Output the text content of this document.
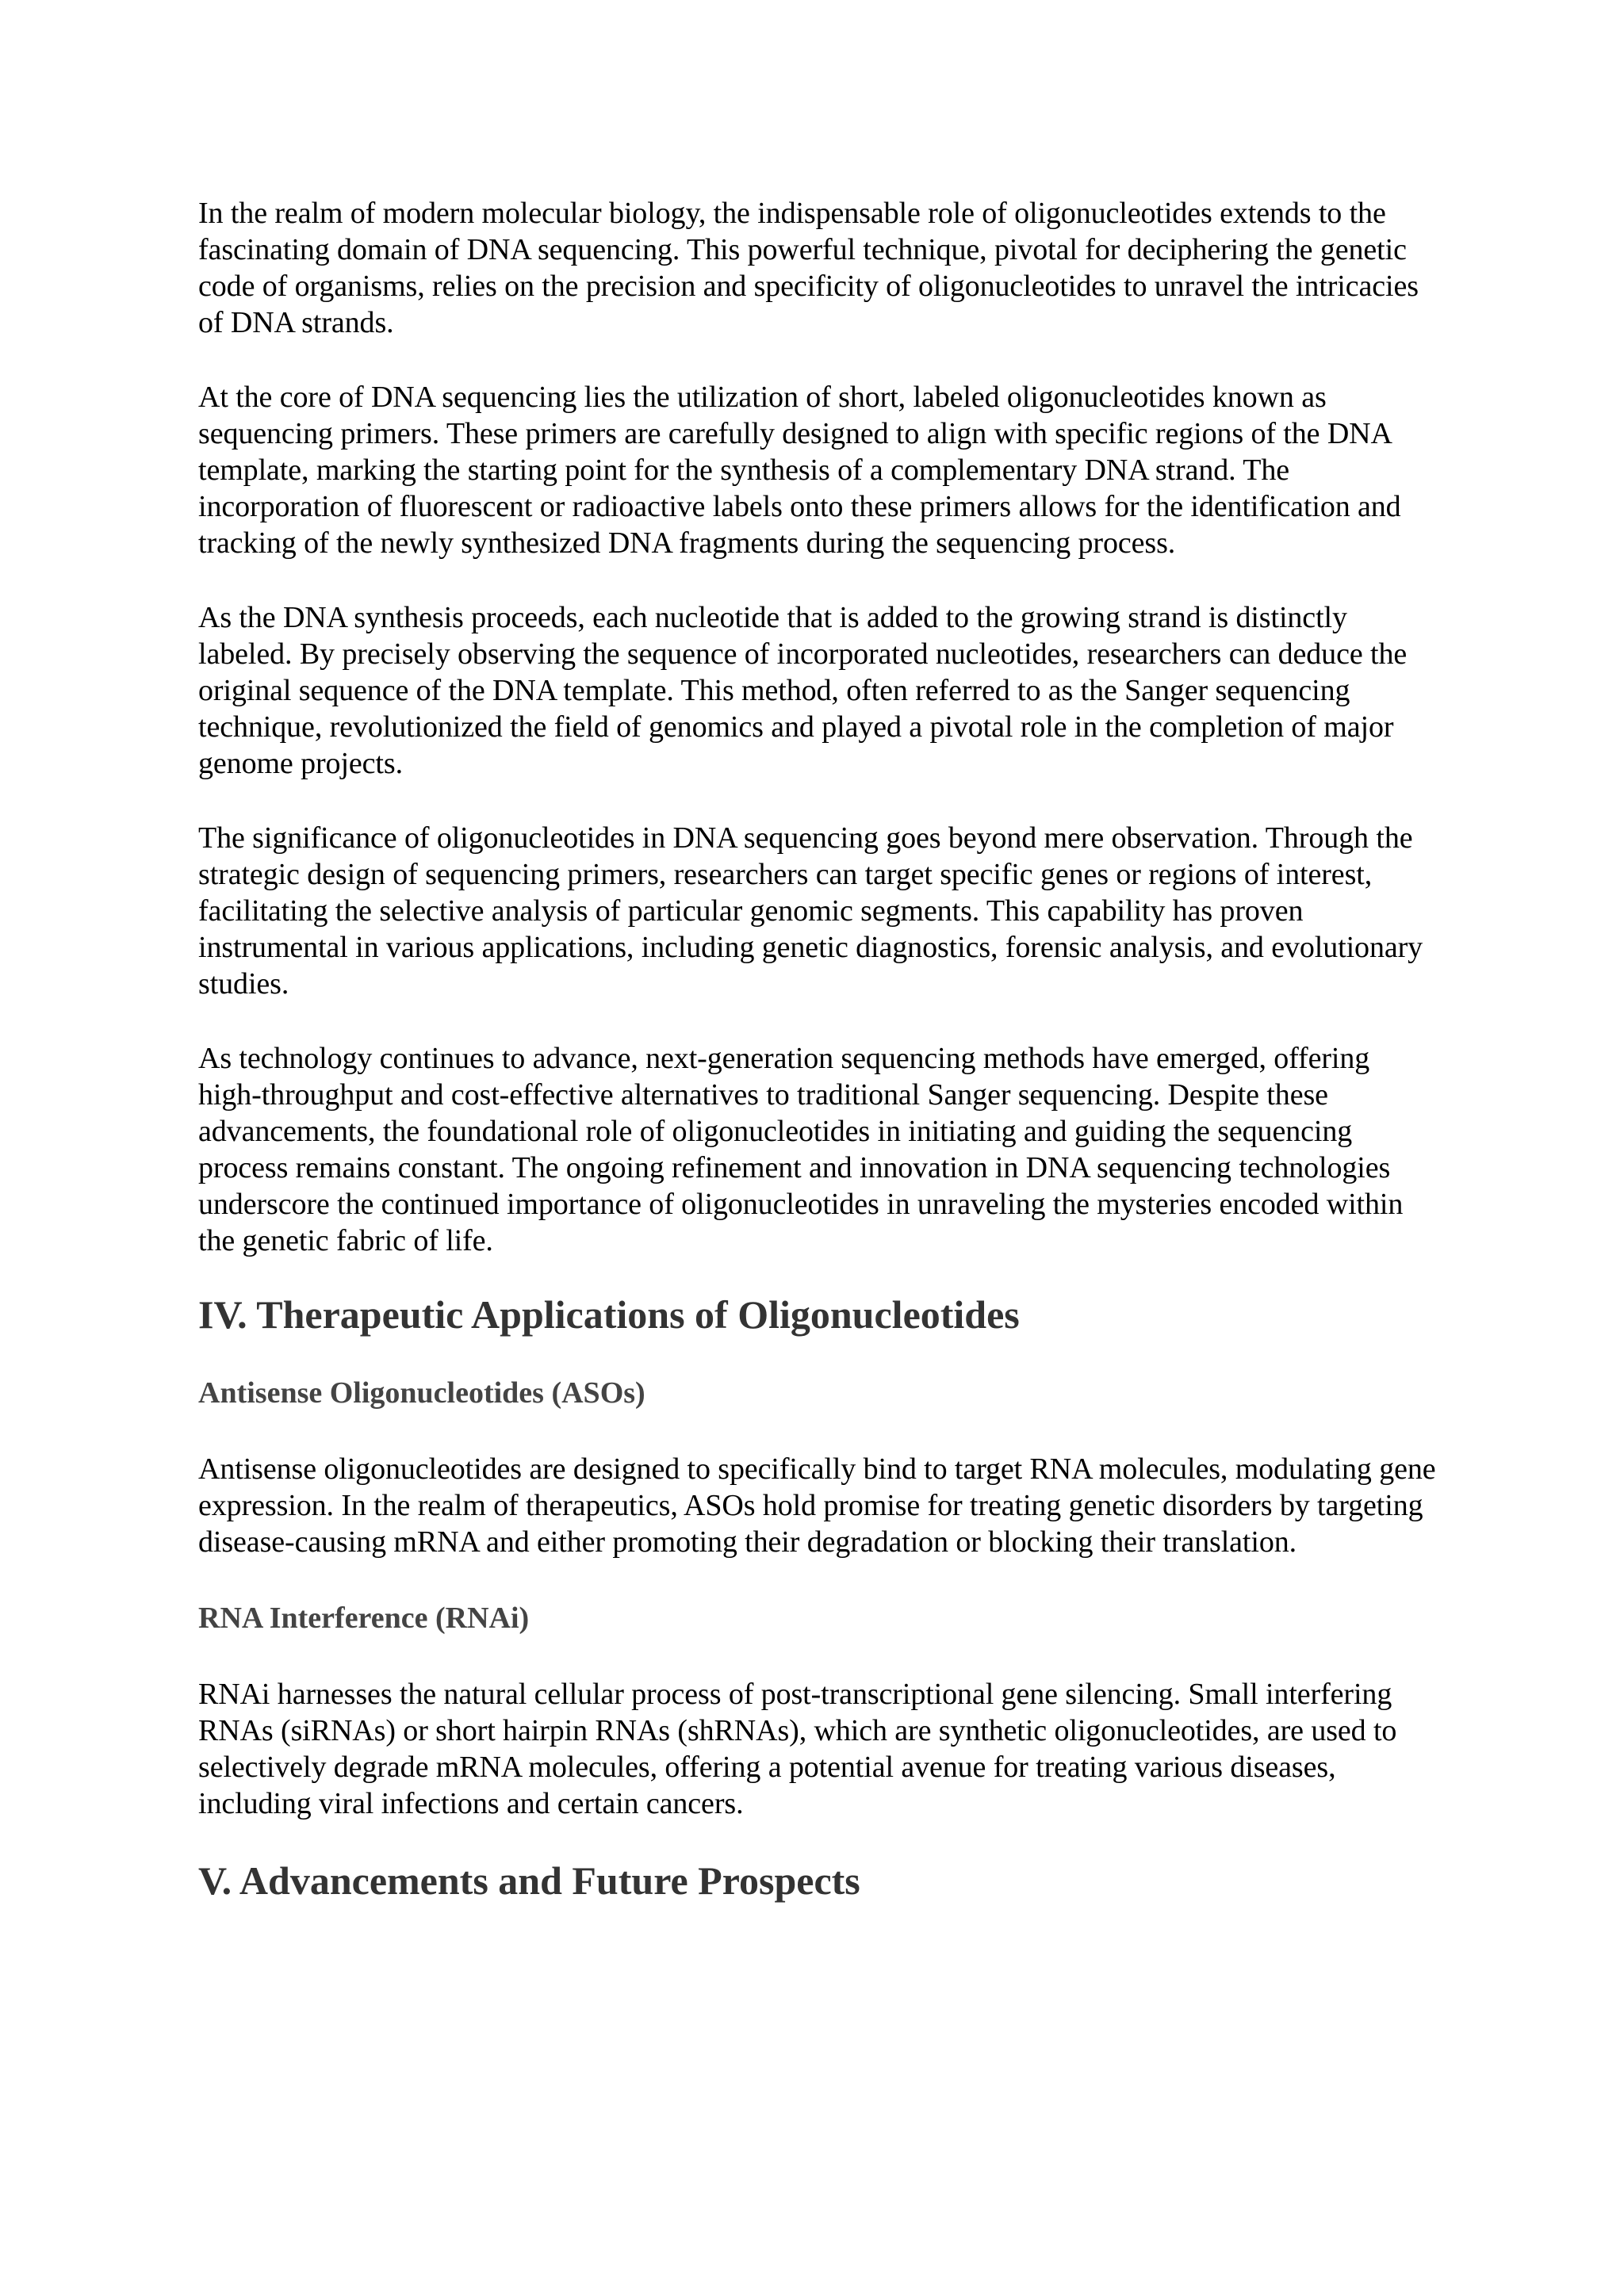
In the realm of modern molecular biology, the indispensable role of oligonucleotides extends to the fascinating domain of DNA sequencing. This powerful technique, pivotal for deciphering the genetic code of organisms, relies on the precision and specificity of oligonucleotides to unravel the intricacies of DNA strands.

At the core of DNA sequencing lies the utilization of short, labeled oligonucleotides known as sequencing primers. These primers are carefully designed to align with specific regions of the DNA template, marking the starting point for the synthesis of a complementary DNA strand. The incorporation of fluorescent or radioactive labels onto these primers allows for the identification and tracking of the newly synthesized DNA fragments during the sequencing process.

As the DNA synthesis proceeds, each nucleotide that is added to the growing strand is distinctly labeled. By precisely observing the sequence of incorporated nucleotides, researchers can deduce the original sequence of the DNA template. This method, often referred to as the Sanger sequencing technique, revolutionized the field of genomics and played a pivotal role in the completion of major genome projects.

The significance of oligonucleotides in DNA sequencing goes beyond mere observation. Through the strategic design of sequencing primers, researchers can target specific genes or regions of interest, facilitating the selective analysis of particular genomic segments. This capability has proven instrumental in various applications, including genetic diagnostics, forensic analysis, and evolutionary studies.

As technology continues to advance, next-generation sequencing methods have emerged, offering high-throughput and cost-effective alternatives to traditional Sanger sequencing. Despite these advancements, the foundational role of oligonucleotides in initiating and guiding the sequencing process remains constant. The ongoing refinement and innovation in DNA sequencing technologies underscore the continued importance of oligonucleotides in unraveling the mysteries encoded within the genetic fabric of life.

IV. Therapeutic Applications of Oligonucleotides
Antisense Oligonucleotides (ASOs)

Antisense oligonucleotides are designed to specifically bind to target RNA molecules, modulating gene expression. In the realm of therapeutics, ASOs hold promise for treating genetic disorders by targeting disease-causing mRNA and either promoting their degradation or blocking their translation.

RNA Interference (RNAi)

RNAi harnesses the natural cellular process of post-transcriptional gene silencing. Small interfering RNAs (siRNAs) or short hairpin RNAs (shRNAs), which are synthetic oligonucleotides, are used to selectively degrade mRNA molecules, offering a potential avenue for treating various diseases, including viral infections and certain cancers.

V. Advancements and Future Prospects
